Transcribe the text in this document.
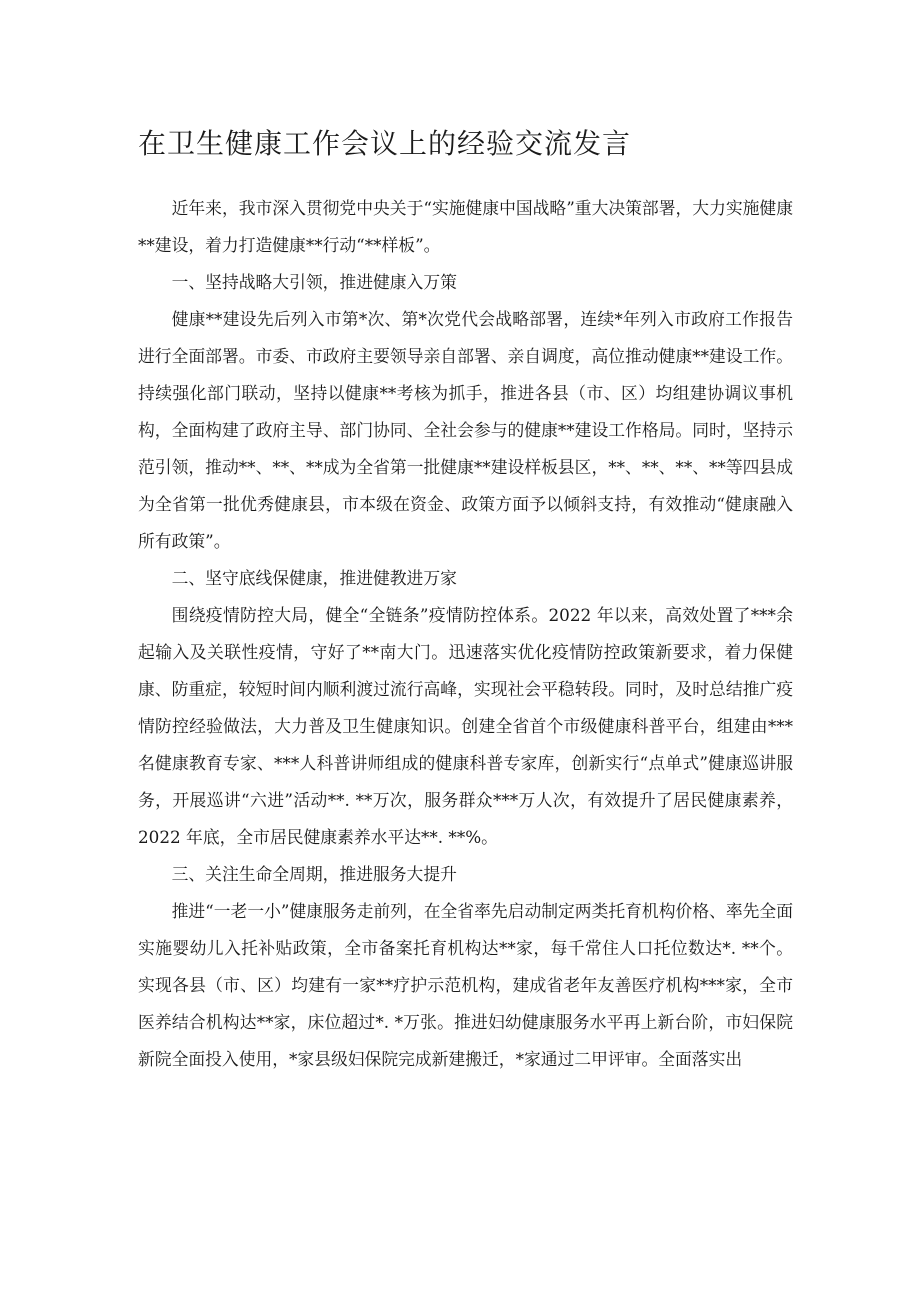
在卫生健康工作会议上的经验交流发言

近年来，我市深入贯彻党中央关于“实施健康中国战略”重大决策部署，大力实施健康**建设，着力打造健康**行动“**样板”。

一、坚持战略大引领，推进健康入万策

健康**建设先后列入市第*次、第*次党代会战略部署，连续*年列入市政府工作报告进行全面部署。市委、市政府主要领导亲自部署、亲自调度，高位推动健康**建设工作。持续强化部门联动，坚持以健康**考核为抓手，推进各县（市、区）均组建协调议事机构，全面构建了政府主导、部门协同、全社会参与的健康**建设工作格局。同时，坚持示范引领，推动**、**、**成为全省第一批健康**建设样板县区，**、**、**、**等四县成为全省第一批优秀健康县，市本级在资金、政策方面予以倾斜支持，有效推动“健康融入所有政策”。

二、坚守底线保健康，推进健教进万家

围绕疫情防控大局，健全“全链条”疫情防控体系。2022 年以来，高效处置了***余起输入及关联性疫情，守好了**南大门。迅速落实优化疫情防控政策新要求，着力保健康、防重症，较短时间内顺利渡过流行高峰，实现社会平稳转段。同时，及时总结推广疫情防控经验做法，大力普及卫生健康知识。创建全省首个市级健康科普平台，组建由***名健康教育专家、***人科普讲师组成的健康科普专家库，创新实行“点单式”健康巡讲服务，开展巡讲“六进”活动**. **万次，服务群众***万人次，有效提升了居民健康素养，2022 年底，全市居民健康素养水平达**. **%。

三、关注生命全周期，推进服务大提升

推进“一老一小”健康服务走前列，在全省率先启动制定两类托育机构价格、率先全面实施婴幼儿入托补贴政策，全市备案托育机构达**家，每千常住人口托位数达*. **个。实现各县（市、区）均建有一家**疗护示范机构，建成省老年友善医疗机构***家，全市医养结合机构达**家，床位超过*. *万张。推进妇幼健康服务水平再上新台阶，市妇保院新院全面投入使用，*家县级妇保院完成新建搬迁，*家通过二甲评审。全面落实出
